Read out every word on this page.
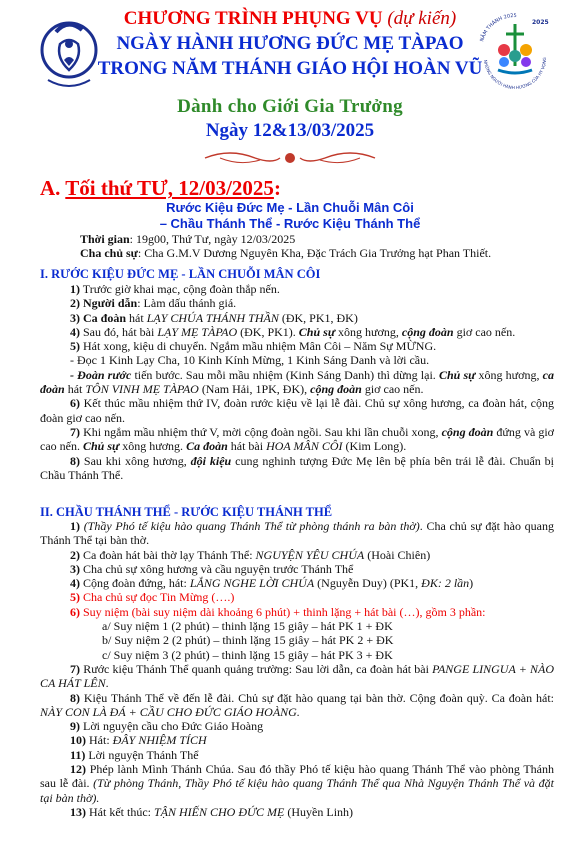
CHƯƠNG TRÌNH PHỤNG VỤ (dự kiến)
NGÀY HÀNH HƯƠNG ĐỨC MẸ TÀPAO
TRONG NĂM THÁNH GIÁO HỘI HOÀN VŨ
Dành cho Giới Gia Trưởng
Ngày 12&13/03/2025
NĂM THÁNH 2025
NHỮNG NGƯỜI HÀNH HƯƠNG CỦA HY VỌNG
2025
A. Tối thứ TƯ, 12/03/2025:
Rước Kiệu Đức Mẹ - Lần Chuỗi Mân Côi
– Chầu Thánh Thể - Rước Kiệu Thánh Thể
Thời gian: 19g00, Thứ Tư, ngày 12/03/2025
Cha chủ sự: Cha G.M.V Dương Nguyên Kha, Đặc Trách Gia Trưởng hạt Phan Thiết.
I. RƯỚC KIỆU ĐỨC MẸ - LẦN CHUỖI MÂN CÔI

1) Trước giờ khai mạc, cộng đoàn thắp nến.

2) Người dẫn: Làm dấu thánh giá.

3) Ca đoàn hát LẠY CHÚA THÁNH THẦN (ĐK, PK1, ĐK)

4) Sau đó, hát bài LẠY MẸ TÀPAO (ĐK, PK1). Chủ sự xông hương, cộng đoàn giơ cao nến.

5) Hát xong, kiệu di chuyển. Ngắm mầu nhiệm Mân Côi – Năm Sự MỪNG.

- Đọc 1 Kinh Lạy Cha, 10 Kinh Kính Mừng, 1 Kinh Sáng Danh và lời cầu.

- Đoàn rước tiến bước. Sau mỗi mầu nhiệm (Kinh Sáng Danh) thì dừng lại. Chủ sự xông hương, ca đoàn hát TÔN VINH MẸ TÀPAO (Nam Hải, 1PK, ĐK), cộng đoàn giơ cao nến.

6) Kết thúc mầu nhiệm thứ IV, đoàn rước kiệu về lại lễ đài. Chủ sự xông hương, ca đoàn hát, cộng đoàn giơ cao nến.

7) Khi ngắm mầu nhiệm thứ V, mời cộng đoàn ngồi. Sau khi lần chuỗi xong, cộng đoàn đứng và giơ cao nến. Chủ sự xông hương. Ca đoàn hát bài HOA MÂN CÔI (Kim Long).

8) Sau khi xông hương, đội kiệu cung nghinh tượng Đức Mẹ lên bệ phía bên trái lễ đài. Chuẩn bị Chầu Thánh Thể.

II. CHẦU THÁNH THỂ - RƯỚC KIỆU THÁNH THỂ

1) (Thầy Phó tế kiệu hào quang Thánh Thể từ phòng thánh ra bàn thờ). Cha chủ sự đặt hào quang Thánh Thể tại bàn thờ.

2) Ca đoàn hát bài thờ lạy Thánh Thể: NGUYỆN YÊU CHÚA (Hoài Chiên)

3) Cha chủ sự xông hương và cầu nguyện trước Thánh Thể

4) Cộng đoàn đứng, hát: LẮNG NGHE LỜI CHÚA (Nguyễn Duy) (PK1, ĐK: 2 lần)

5) Cha chủ sự đọc Tin Mừng (….)

6) Suy niệm (bài suy niệm dài khoảng 6 phút) + thinh lặng + hát bài (…), gồm 3 phần:

a/ Suy niệm 1 (2 phút) – thinh lặng 15 giây – hát PK 1 + ĐK

b/ Suy niệm 2 (2 phút) – thinh lặng 15 giây – hát PK 2 + ĐK

c/ Suy niệm 3 (2 phút) – thinh lặng 15 giây – hát PK 3 + ĐK

7) Rước kiệu Thánh Thể quanh quảng trường: Sau lời dẫn, ca đoàn hát bài PANGE LINGUA + NÀO CA HÁT LÊN.

8) Kiệu Thánh Thể về đến lễ đài. Chủ sự đặt hào quang tại bàn thờ. Cộng đoàn quỳ. Ca đoàn hát: NÀY CON LÀ ĐÁ + CẦU CHO ĐỨC GIÁO HOÀNG.

9) Lời nguyện cầu cho Đức Giáo Hoàng

10) Hát: ĐÂY NHIỆM TÍCH

11) Lời nguyện Thánh Thể

12) Phép lành Mình Thánh Chúa. Sau đó thầy Phó tế kiệu hào quang Thánh Thể vào phòng Thánh sau lễ đài. (Từ phòng Thánh, Thầy Phó tế kiệu hào quang Thánh Thể qua Nhà Nguyện Thánh Thể và đặt tại bàn thờ).

13) Hát kết thúc: TẬN HIẾN CHO ĐỨC MẸ (Huyền Linh)
